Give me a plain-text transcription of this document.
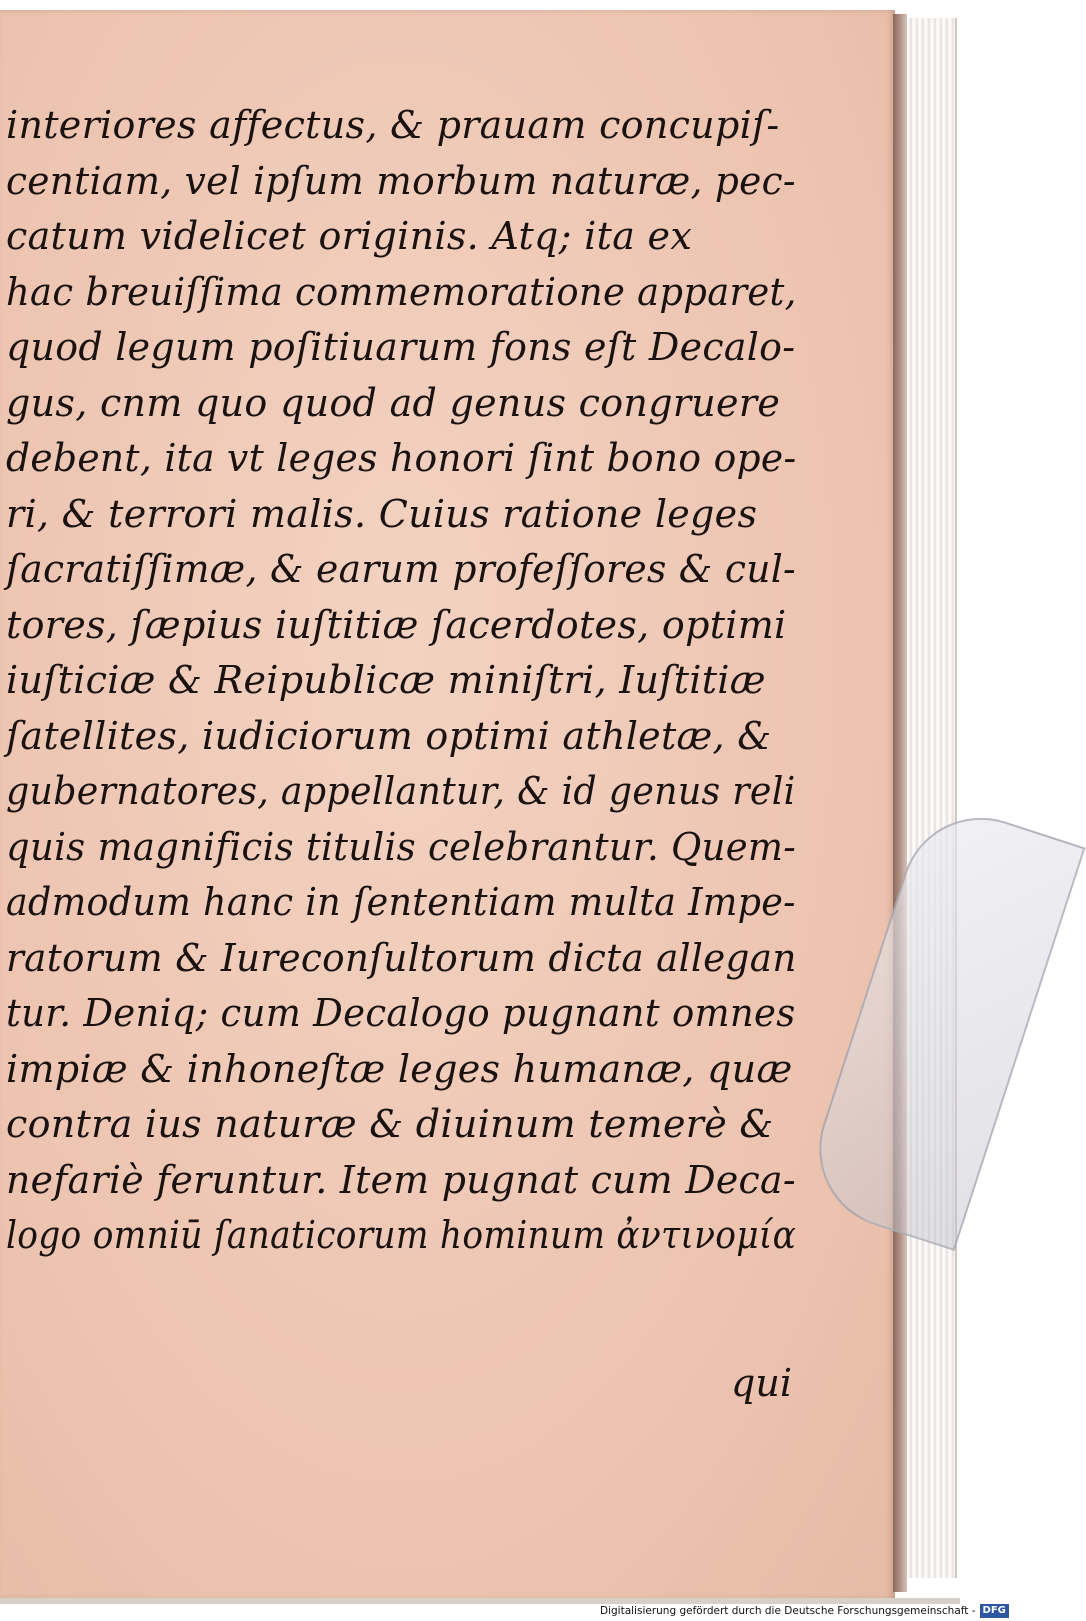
interiores affectus, & prauam concupiſ-
centiam, vel ipſum morbum naturæ, pec-
catum videlicet originis. Atq; ita ex
hac breuiſſima commemoratione apparet,
quod legum poſitiuarum fons eſt Decalo-
gus, cnm quo quod ad genus congruere
debent, ita vt leges honori ſint bono ope-
ri, & terrori malis. Cuius ratione leges
ſacratiſſimæ, & earum profeſſores & cul-
tores, ſæpius iuſtitiæ ſacerdotes, optimi
iuſticiæ & Reipublicæ miniſtri, Iuſtitiæ
ſatellites, iudiciorum optimi athletæ, &
gubernatores, appellantur, & id genus reli
quis magnificis titulis celebrantur. Quem-
admodum hanc in ſententiam multa Impe-
ratorum & Iureconſultorum dicta allegan
tur. Deniq; cum Decalogo pugnant omnes
impiæ & inhoneſtæ leges humanæ, quæ
contra ius naturæ & diuinum temerè &
nefariè feruntur. Item pugnat cum Deca-
logo omniū ſanaticorum hominum ἀντινομία
qui
Digitalisierung gefördert durch die Deutsche Forschungsgemeinschaft - DFG
